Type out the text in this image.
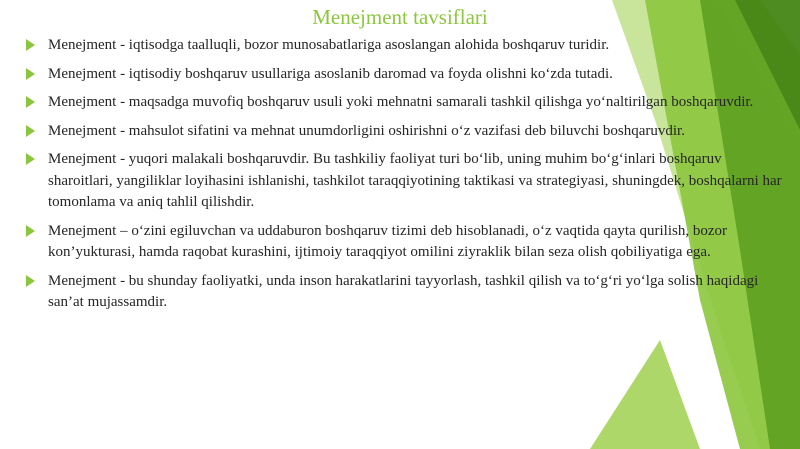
Menejment tavsiflari
Menejment - iqtisodga taalluqli, bozor munosabatlariga asoslangan alohida boshqaruv turidir.
Menejment - iqtisodiy boshqaruv usullariga asoslanib daromad va foyda olishni ko‘zda tutadi.
Menejment - maqsadga muvofiq boshqaruv usuli yoki mehnatni samarali tashkil qilishga yo‘naltirilgan boshqaruvdir.
Menejment - mahsulot sifatini va mehnat unumdorligini oshirishni o‘z vazifasi deb biluvchi boshqaruvdir.
Menejment - yuqori malakali boshqaruvdir. Bu tashkiliy faoliyat turi bo‘lib, uning muhim bo‘g‘inlari boshqaruv sharoitlari, yangiliklar loyihasini ishlanishi, tashkilot taraqqiyotining taktikasi va strategiyasi, shuningdek, boshqalarni har tomonlama va aniq tahlil qilishdir.
Menejment – o‘zini egiluvchan va uddaburon boshqaruv tizimi deb hisoblanadi, o‘z vaqtida qayta qurilish, bozor kon’yukturasi, hamda raqobat kurashini, ijtimoiy taraqqiyot omilini ziyraklik bilan seza olish qobiliyatiga ega.
Menejment - bu shunday faoliyatki, unda inson harakatlarini tayyorlash, tashkil qilish va to‘g‘ri yo‘lga solish haqidagi san’at mujassamdir.
